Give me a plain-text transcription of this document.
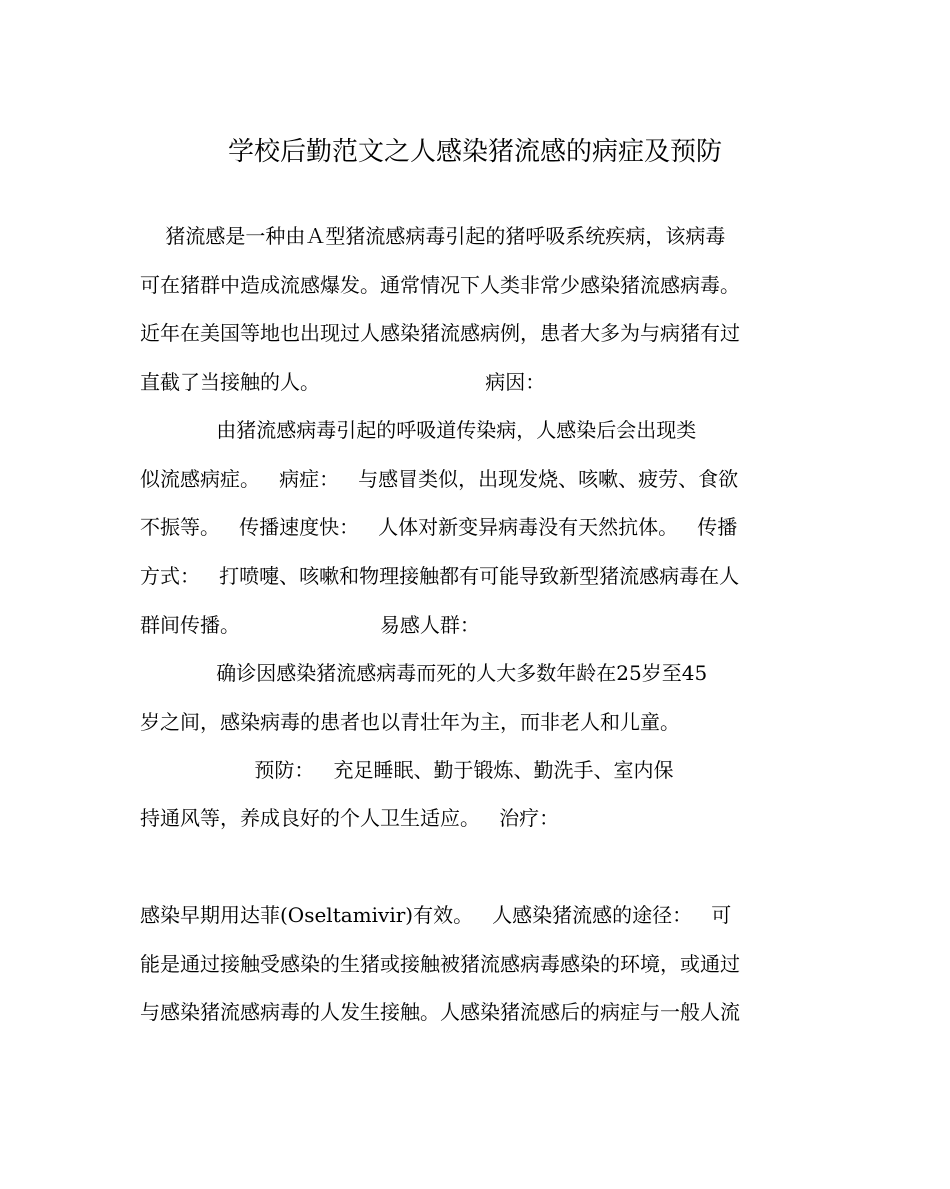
学校后勤范文之人感染猪流感的病症及预防
猪流感是一种由Ａ型猪流感病毒引起的猪呼吸系统疾病，该病毒
可在猪群中造成流感爆发。通常情况下人类非常少感染猪流感病毒。
近年在美国等地也出现过人感染猪流感病例，患者大多为与病猪有过
直截了当接触的人。                          病因：
由猪流感病毒引起的呼吸道传染病，人感染后会出现类
似流感病症。   病症：   与感冒类似，出现发烧、咳嗽、疲劳、食欲
不振等。   传播速度快：   人体对新变异病毒没有天然抗体。   传播
方式：   打喷嚏、咳嗽和物理接触都有可能导致新型猪流感病毒在人
群间传播。                      易感人群：
确诊因感染猪流感病毒而死的人大多数年龄在25岁至45
岁之间，感染病毒的患者也以青壮年为主，而非老人和儿童。
预防：   充足睡眠、勤于锻炼、勤洗手、室内保
持通风等，养成良好的个人卫生适应。   治疗：
感染早期用达菲(Oseltamivir)有效。   人感染猪流感的途径：   可
能是通过接触受感染的生猪或接触被猪流感病毒感染的环境，或通过
与感染猪流感病毒的人发生接触。人感染猪流感后的病症与一般人流
